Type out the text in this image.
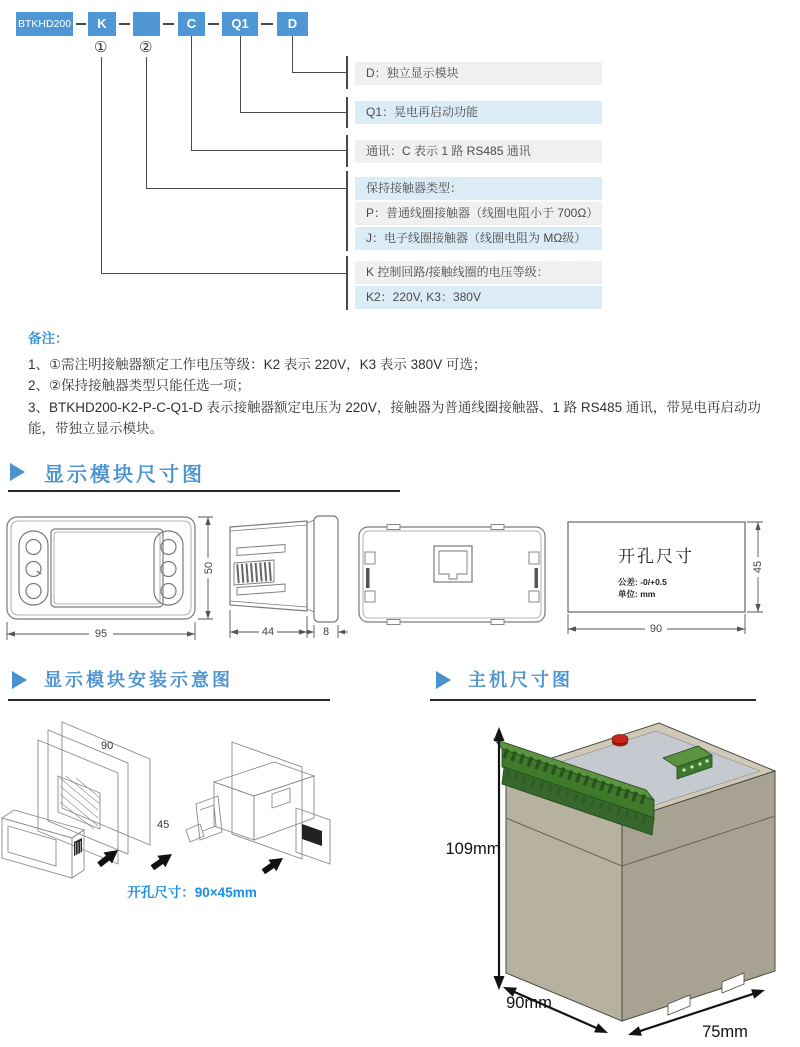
BTKHD200	K	C	Q1	D
① ②
D：独立显示模块
Q1：晃电再启动功能
通讯：C 表示 1 路 RS485 通讯
保持接触器类型：
P：普通线圈接触器（线圈电阻小于 700Ω）
J：电子线圈接触器（线圈电阻为 MΩ级）
K 控制回路/接触线圈的电压等级：
K2：220V, K3：380V
备注：
1、①需注明接触器额定工作电压等级：K2 表示 220V，K3 表示 380V 可选；
2、②保持接触器类型只能任选一项；
3、BTKHD200-K2-P-C-Q1-D 表示接触器额定电压为 220V，接触器为普通线圈接触器、1 路 RS485 通讯，带晃电再启动功能，带独立显示模块。
显示模块尺寸图
95
50
44	8
开孔尺寸
公差: -0/+0.5
单位: mm
90
45
显示模块安装示意图	主机尺寸图
90
45
开孔尺寸：90×45mm
109mm
90mm
75mm
